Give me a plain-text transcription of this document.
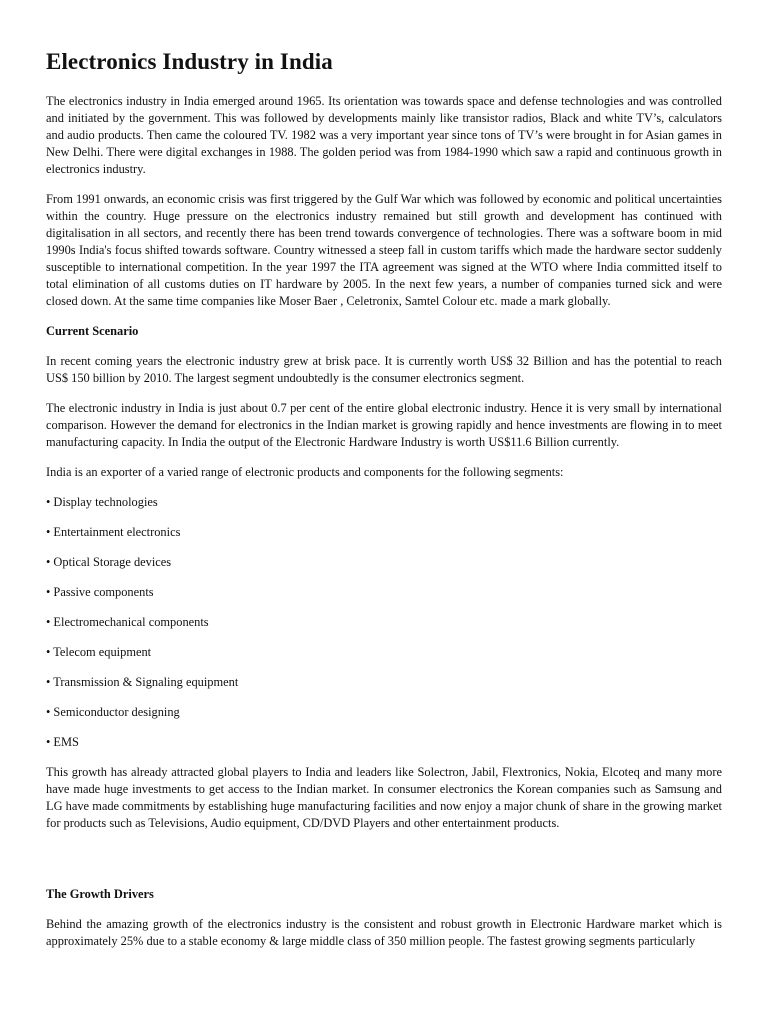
Electronics Industry in India

The electronics industry in India emerged around 1965. Its orientation was towards space and defense technologies and was controlled and initiated by the government. This was followed by developments mainly like transistor radios, Black and white TV’s, calculators and audio products. Then came the coloured TV. 1982 was a very important year since tons of TV’s were brought in for Asian games in New Delhi. There were digital exchanges in 1988. The golden period was from 1984-1990 which saw a rapid and continuous growth in electronics industry.

From 1991 onwards, an economic crisis was first triggered by the Gulf War which was followed by economic and political uncertainties within the country. Huge pressure on the electronics industry remained but still growth and development has continued with digitalisation in all sectors, and recently there has been trend towards convergence of technologies. There was a software boom in mid 1990s India's focus shifted towards software. Country witnessed a steep fall in custom tariffs which made the hardware sector suddenly susceptible to international competition. In the year 1997 the ITA agreement was signed at the WTO where India committed itself to total elimination of all customs duties on IT hardware by 2005. In the next few years, a number of companies turned sick and were closed down. At the same time companies like Moser Baer , Celetronix, Samtel Colour etc. made a mark globally.

Current Scenario

In recent coming years the electronic industry grew at brisk pace. It is currently worth US$ 32 Billion and has the potential to reach US$ 150 billion by 2010. The largest segment undoubtedly is the consumer electronics segment.

The electronic industry in India is just about 0.7 per cent of the entire global electronic industry. Hence it is very small by international comparison. However the demand for electronics in the Indian market is growing rapidly and hence investments are flowing in to meet manufacturing capacity. In India the output of the Electronic Hardware Industry is worth US$11.6 Billion currently.

India is an exporter of a varied range of electronic products and components for the following segments:

• Display technologies
• Entertainment electronics
• Optical Storage devices
• Passive components
• Electromechanical components
• Telecom equipment
• Transmission & Signaling equipment
• Semiconductor designing
• EMS

This growth has already attracted global players to India and leaders like Solectron, Jabil, Flextronics, Nokia, Elcoteq and many more have made huge investments to get access to the Indian market. In consumer electronics the Korean companies such as Samsung and LG have made commitments by establishing huge manufacturing facilities and now enjoy a major chunk of share in the growing market for products such as Televisions, Audio equipment, CD/DVD Players and other entertainment products.

The Growth Drivers

Behind the amazing growth of the electronics industry is the consistent and robust growth in Electronic Hardware market which is approximately 25% due to a stable economy & large middle class of 350 million people. The fastest growing segments particularly
